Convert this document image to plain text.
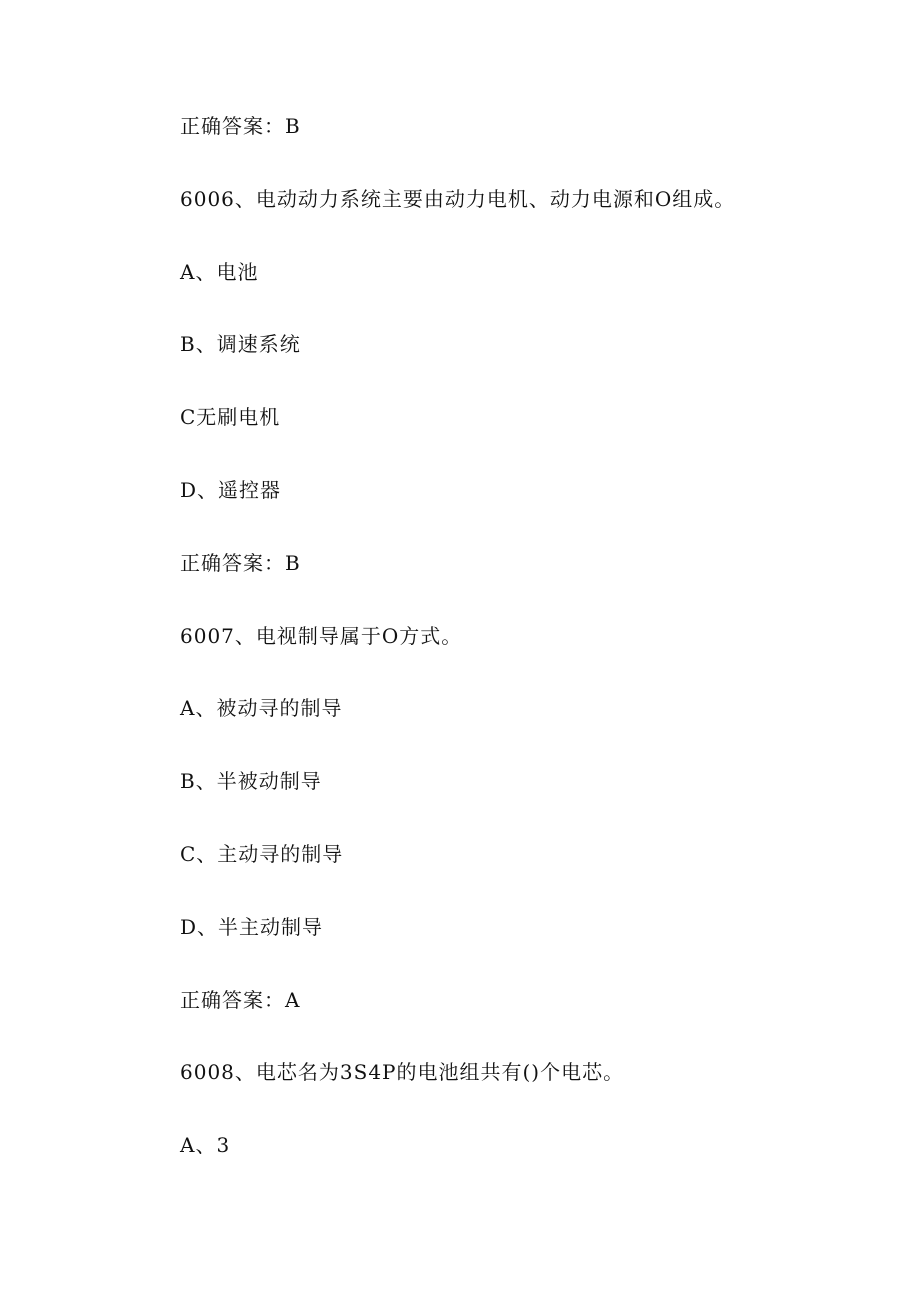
正确答案：B

6006、电动动力系统主要由动力电机、动力电源和O组成。

A、电池

B、调速系统

C无刷电机

D、遥控器

正确答案：B

6007、电视制导属于O方式。

A、被动寻的制导

B、半被动制导

C、主动寻的制导

D、半主动制导

正确答案：A

6008、电芯名为3S4P的电池组共有()个电芯。

A、3
